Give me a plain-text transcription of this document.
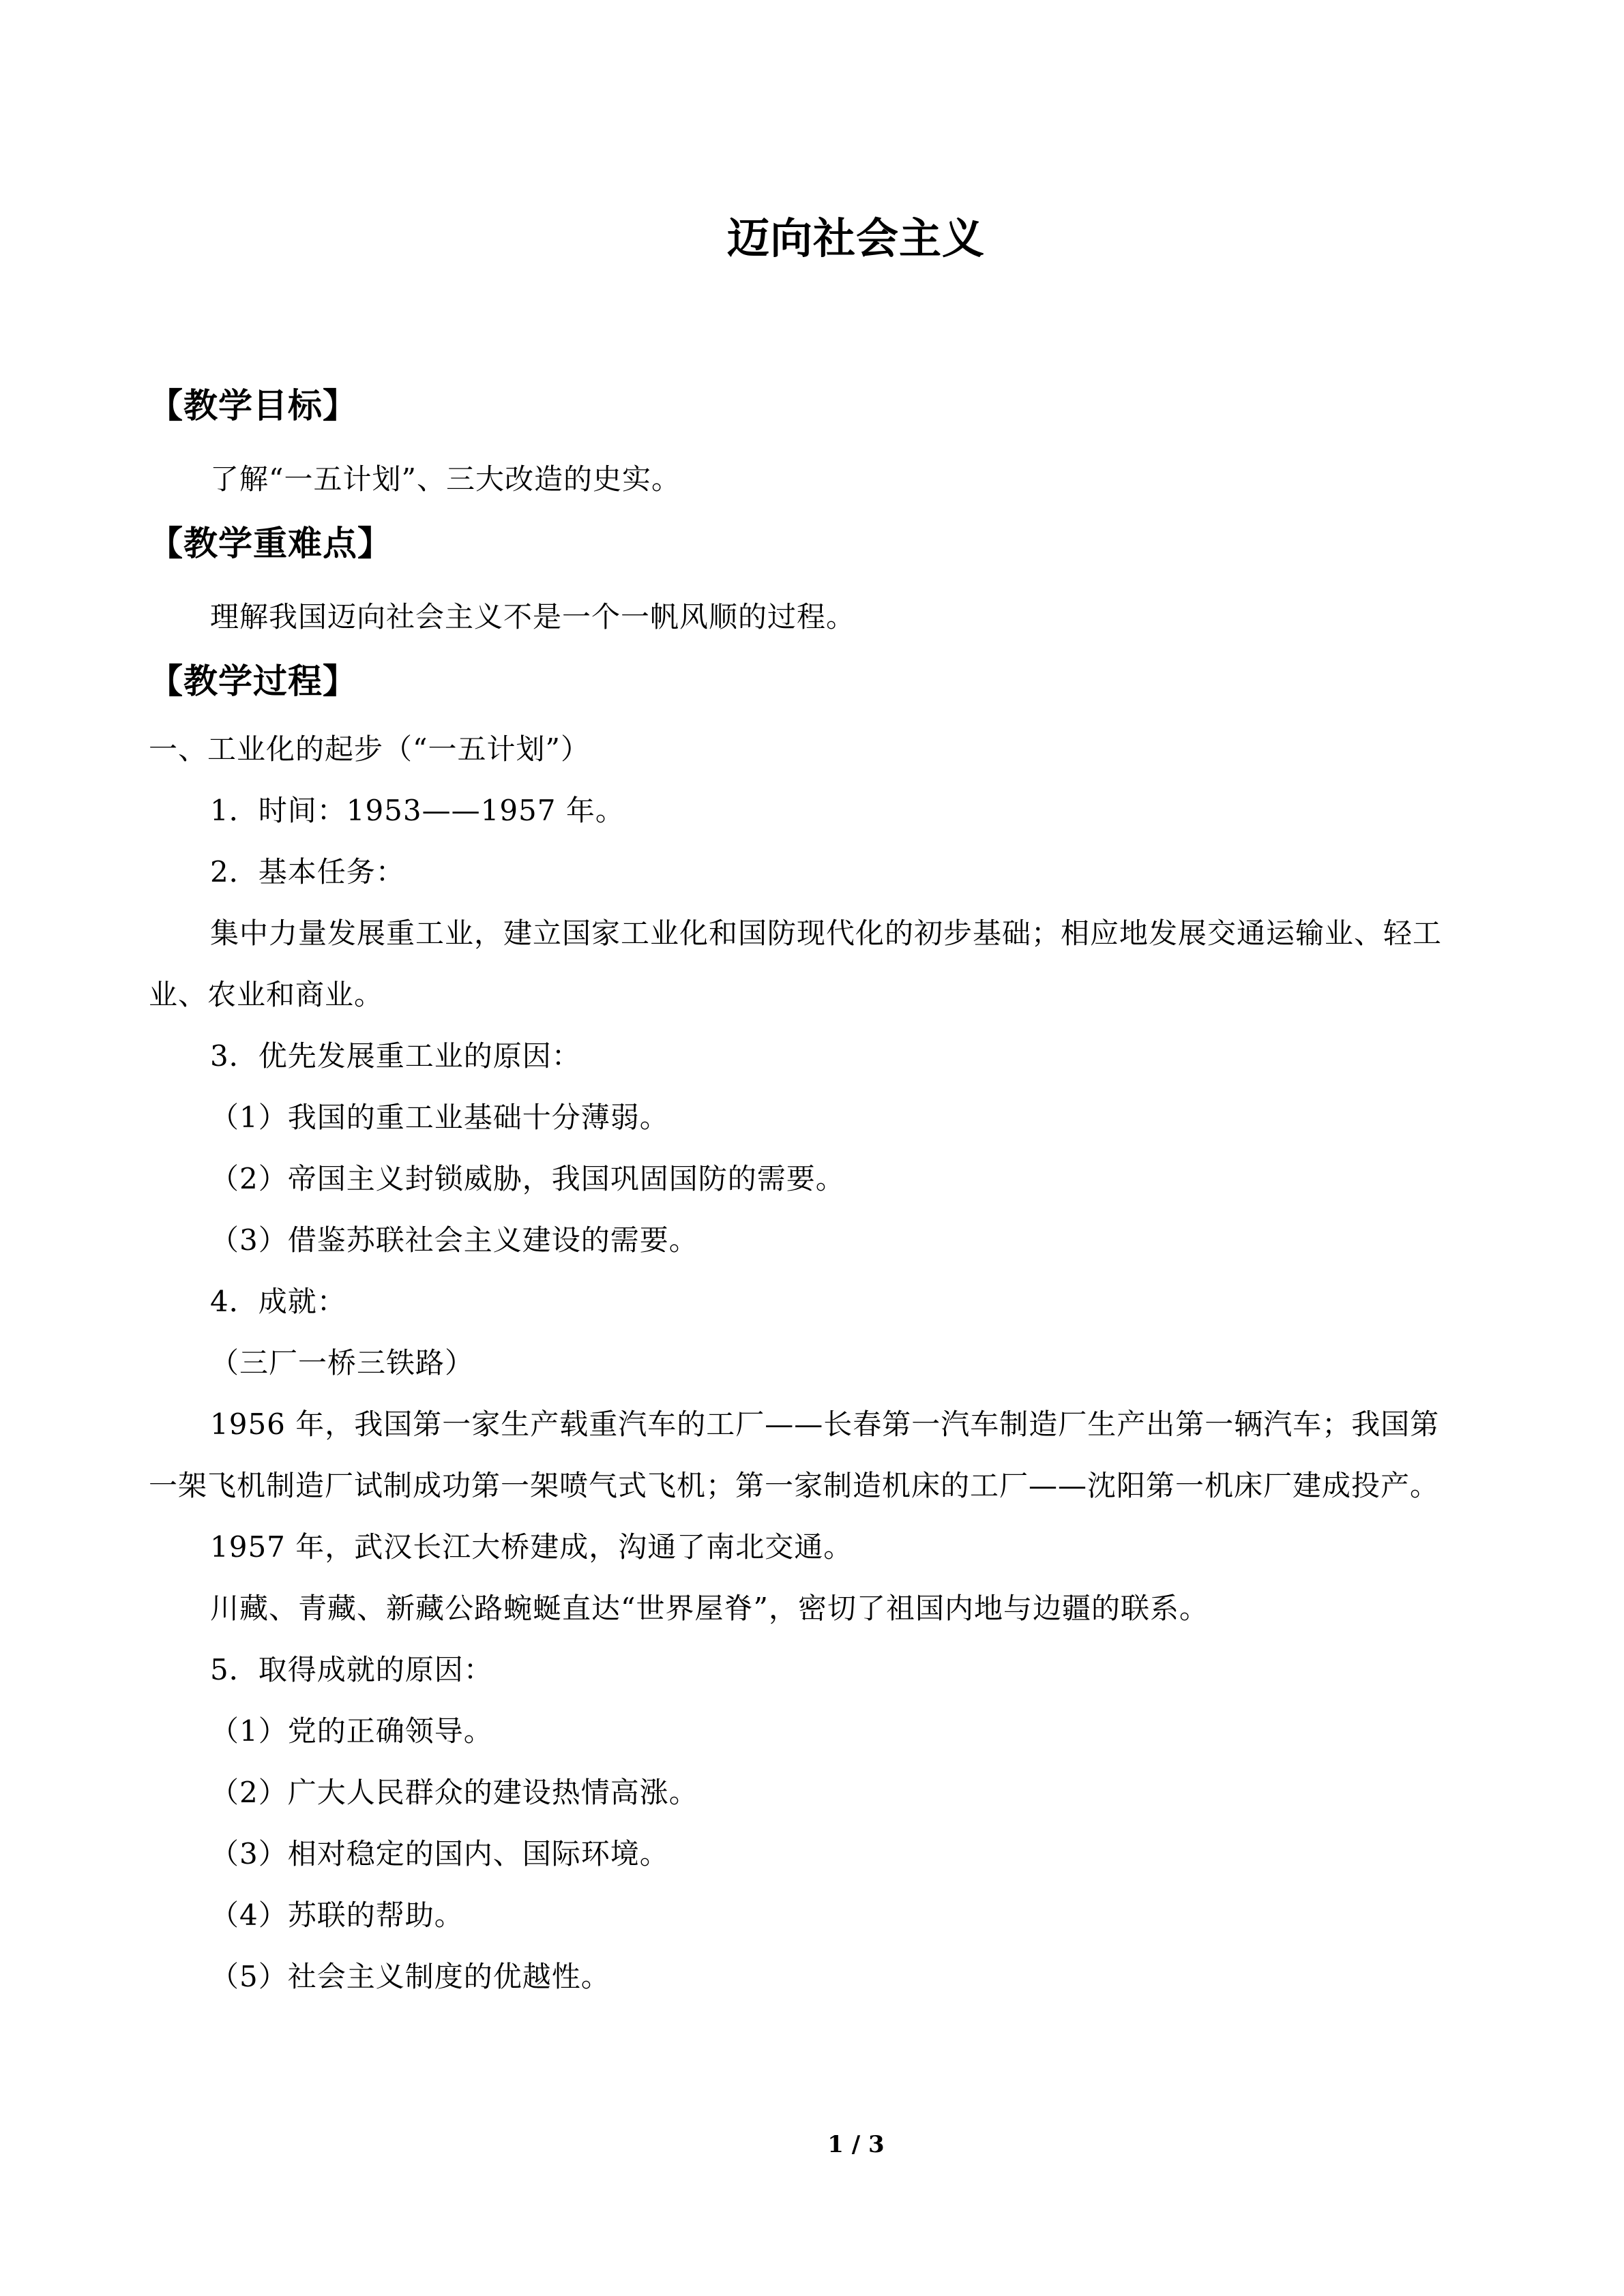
迈向社会主义
【教学目标】
了解“一五计划”、三大改造的史实。
【教学重难点】
理解我国迈向社会主义不是一个一帆风顺的过程。
【教学过程】
一、工业化的起步（“一五计划”）
1．时间：1953——1957 年。
2．基本任务：
集中力量发展重工业，建立国家工业化和国防现代化的初步基础；相应地发展交通运输业、轻工业、农业和商业。
3．优先发展重工业的原因：
（1）我国的重工业基础十分薄弱。
（2）帝国主义封锁威胁，我国巩固国防的需要。
（3）借鉴苏联社会主义建设的需要。
4．成就：
（三厂一桥三铁路）
1956 年，我国第一家生产载重汽车的工厂——长春第一汽车制造厂生产出第一辆汽车；我国第一架飞机制造厂试制成功第一架喷气式飞机；第一家制造机床的工厂——沈阳第一机床厂建成投产。
1957 年，武汉长江大桥建成，沟通了南北交通。
川藏、青藏、新藏公路蜿蜒直达“世界屋脊”，密切了祖国内地与边疆的联系。
5．取得成就的原因：
（1）党的正确领导。
（2）广大人民群众的建设热情高涨。
（3）相对稳定的国内、国际环境。
（4）苏联的帮助。
（5）社会主义制度的优越性。
1 / 3
